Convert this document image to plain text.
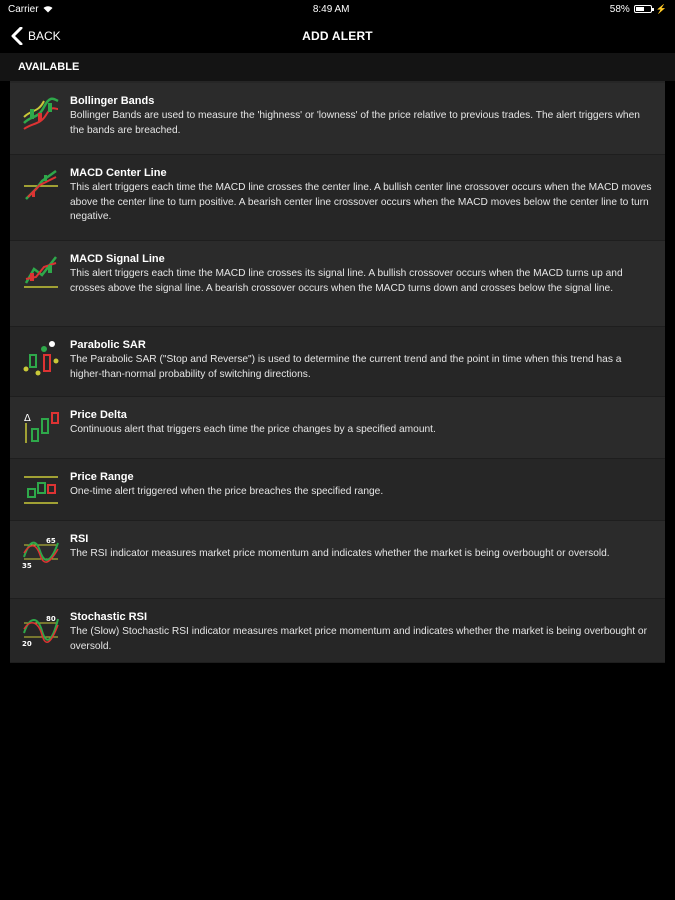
Carrier	8:49 AM	58%	⚡
BACK	ADD ALERT
AVAILABLE
Bollinger Bands
Bollinger Bands are used to measure the 'highness' or 'lowness' of the price relative to previous trades. The alert triggers when the bands are breached.
MACD Center Line
This alert triggers each time the MACD line crosses the center line. A bullish center line crossover occurs when the MACD moves above the center line to turn positive. A bearish center line crossover occurs when the MACD moves below the center line to turn negative.
MACD Signal Line
This alert triggers each time the MACD line crosses its signal line. A bullish crossover occurs when the MACD turns up and crosses above the signal line. A bearish crossover occurs when the MACD turns down and crosses below the signal line.
Parabolic SAR
The Parabolic SAR ("Stop and Reverse") is used to determine the current trend and the point in time when this trend has a higher-than-normal probability of switching directions.
Δ	Price Delta
Continuous alert that triggers each time the price changes by a specified amount.
Price Range
One-time alert triggered when the price breaches the specified range.
65
35
RSI
The RSI indicator measures market price momentum and indicates whether the market is being overbought or oversold.
80
20
Stochastic RSI
The (Slow) Stochastic RSI indicator measures market price momentum and indicates whether the market is being overbought or oversold.
